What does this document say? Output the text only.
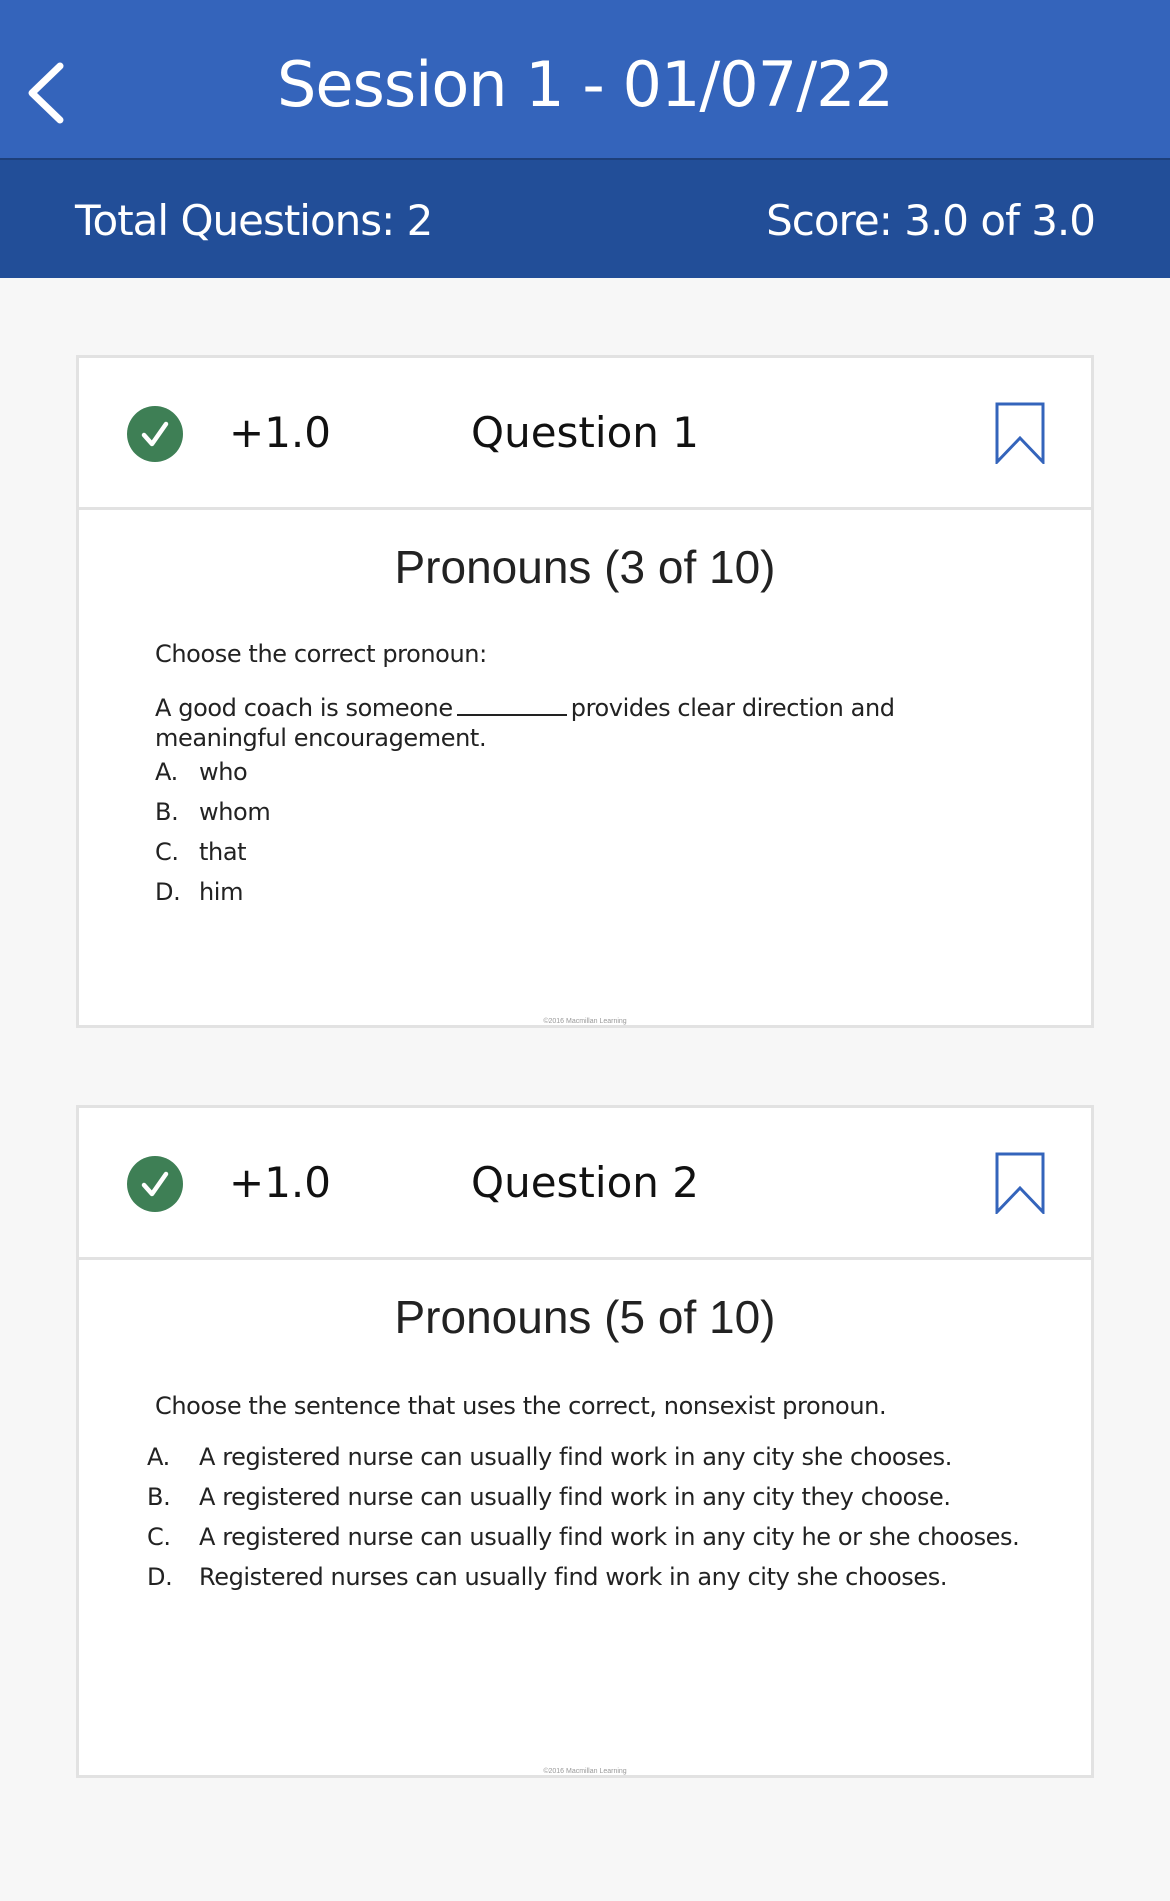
Session 1 - 01/07/22
Total Questions: 2	Score: 3.0 of 3.0
+1.0	Question 1
Pronouns (3 of 10)
Choose the correct pronoun:
A good coach is someone	provides clear direction and meaningful encouragement.
A. who
B. whom
C. that
D. him
©2016 Macmillan Learning
+1.0	Question 2
Pronouns (5 of 10)
Choose the sentence that uses the correct, nonsexist pronoun.
A.	A registered nurse can usually find work in any city she chooses.
B.	A registered nurse can usually find work in any city they choose.
C.	A registered nurse can usually find work in any city he or she chooses.
D.	Registered nurses can usually find work in any city she chooses.
©2016 Macmillan Learning
